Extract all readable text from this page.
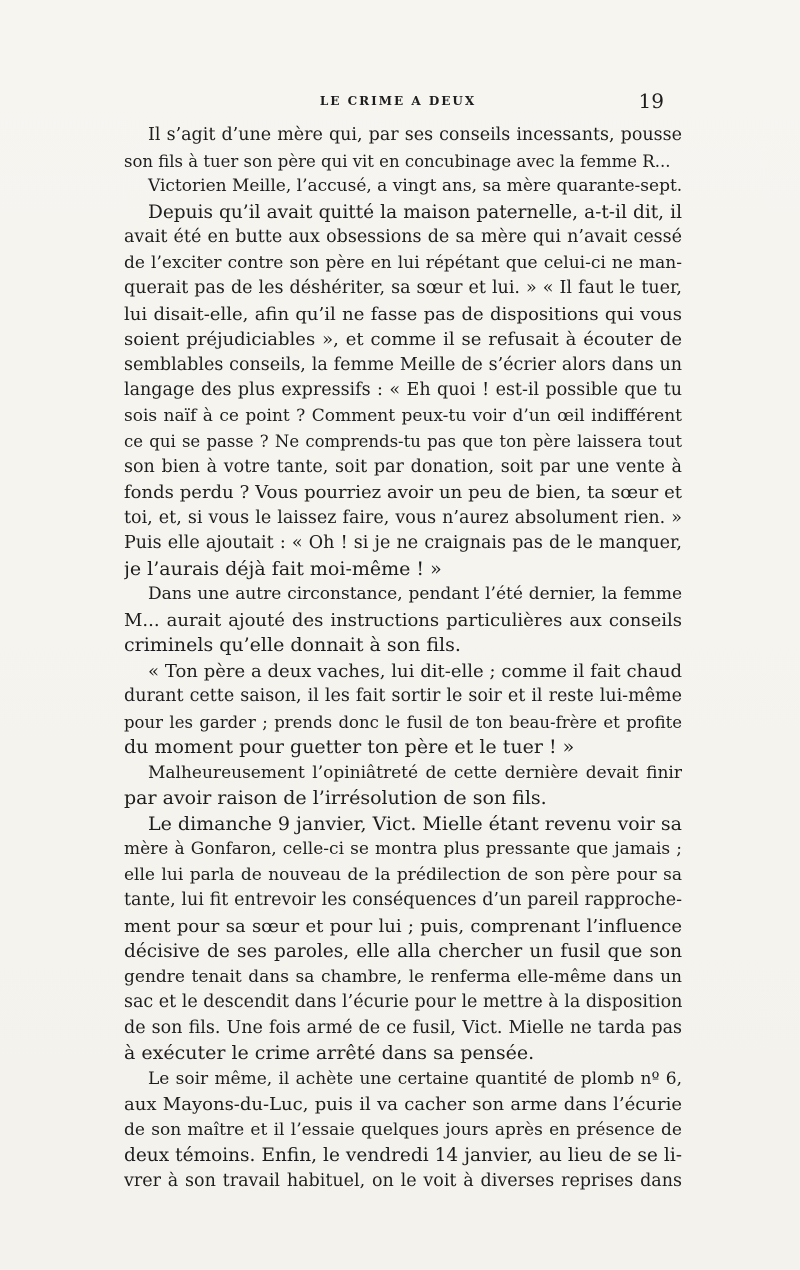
LE CRIME A DEUX	19
Il s’agit d’une mère qui, par ses conseils incessants, pousse
son fils à tuer son père qui vit en concubinage avec la femme R...
Victorien Meille, l’accusé, a vingt ans, sa mère quarante-sept.
Depuis qu’il avait quitté la maison paternelle, a-t-il dit, il
avait été en butte aux obsessions de sa mère qui n’avait cessé
de l’exciter contre son père en lui répétant que celui-ci ne man-
querait pas de les déshériter, sa sœur et lui. » « Il faut le tuer,
lui disait-elle, afin qu’il ne fasse pas de dispositions qui vous
soient préjudiciables », et comme il se refusait à écouter de
semblables conseils, la femme Meille de s’écrier alors dans un
langage des plus expressifs : « Eh quoi ! est-il possible que tu
sois naïf à ce point ? Comment peux-tu voir d’un œil indifférent
ce qui se passe ? Ne comprends-tu pas que ton père laissera tout
son bien à votre tante, soit par donation, soit par une vente à
fonds perdu ? Vous pourriez avoir un peu de bien, ta sœur et
toi, et, si vous le laissez faire, vous n’aurez absolument rien. »
Puis elle ajoutait : « Oh ! si je ne craignais pas de le manquer,
je l’aurais déjà fait moi-même ! »
Dans une autre circonstance, pendant l’été dernier, la femme
M... aurait ajouté des instructions particulières aux conseils
criminels qu’elle donnait à son fils.
« Ton père a deux vaches, lui dit-elle ; comme il fait chaud
durant cette saison, il les fait sortir le soir et il reste lui-même
pour les garder ; prends donc le fusil de ton beau-frère et profite
du moment pour guetter ton père et le tuer ! »
Malheureusement l’opiniâtreté de cette dernière devait finir
par avoir raison de l’irrésolution de son fils.
Le dimanche 9 janvier, Vict. Mielle étant revenu voir sa
mère à Gonfaron, celle-ci se montra plus pressante que jamais ;
elle lui parla de nouveau de la prédilection de son père pour sa
tante, lui fit entrevoir les conséquences d’un pareil rapproche-
ment pour sa sœur et pour lui ; puis, comprenant l’influence
décisive de ses paroles, elle alla chercher un fusil que son
gendre tenait dans sa chambre, le renferma elle-même dans un
sac et le descendit dans l’écurie pour le mettre à la disposition
de son fils. Une fois armé de ce fusil, Vict. Mielle ne tarda pas
à exécuter le crime arrêté dans sa pensée.
Le soir même, il achète une certaine quantité de plomb nº 6,
aux Mayons-du-Luc, puis il va cacher son arme dans l’écurie
de son maître et il l’essaie quelques jours après en présence de
deux témoins. Enfin, le vendredi 14 janvier, au lieu de se li-
vrer à son travail habituel, on le voit à diverses reprises dans
